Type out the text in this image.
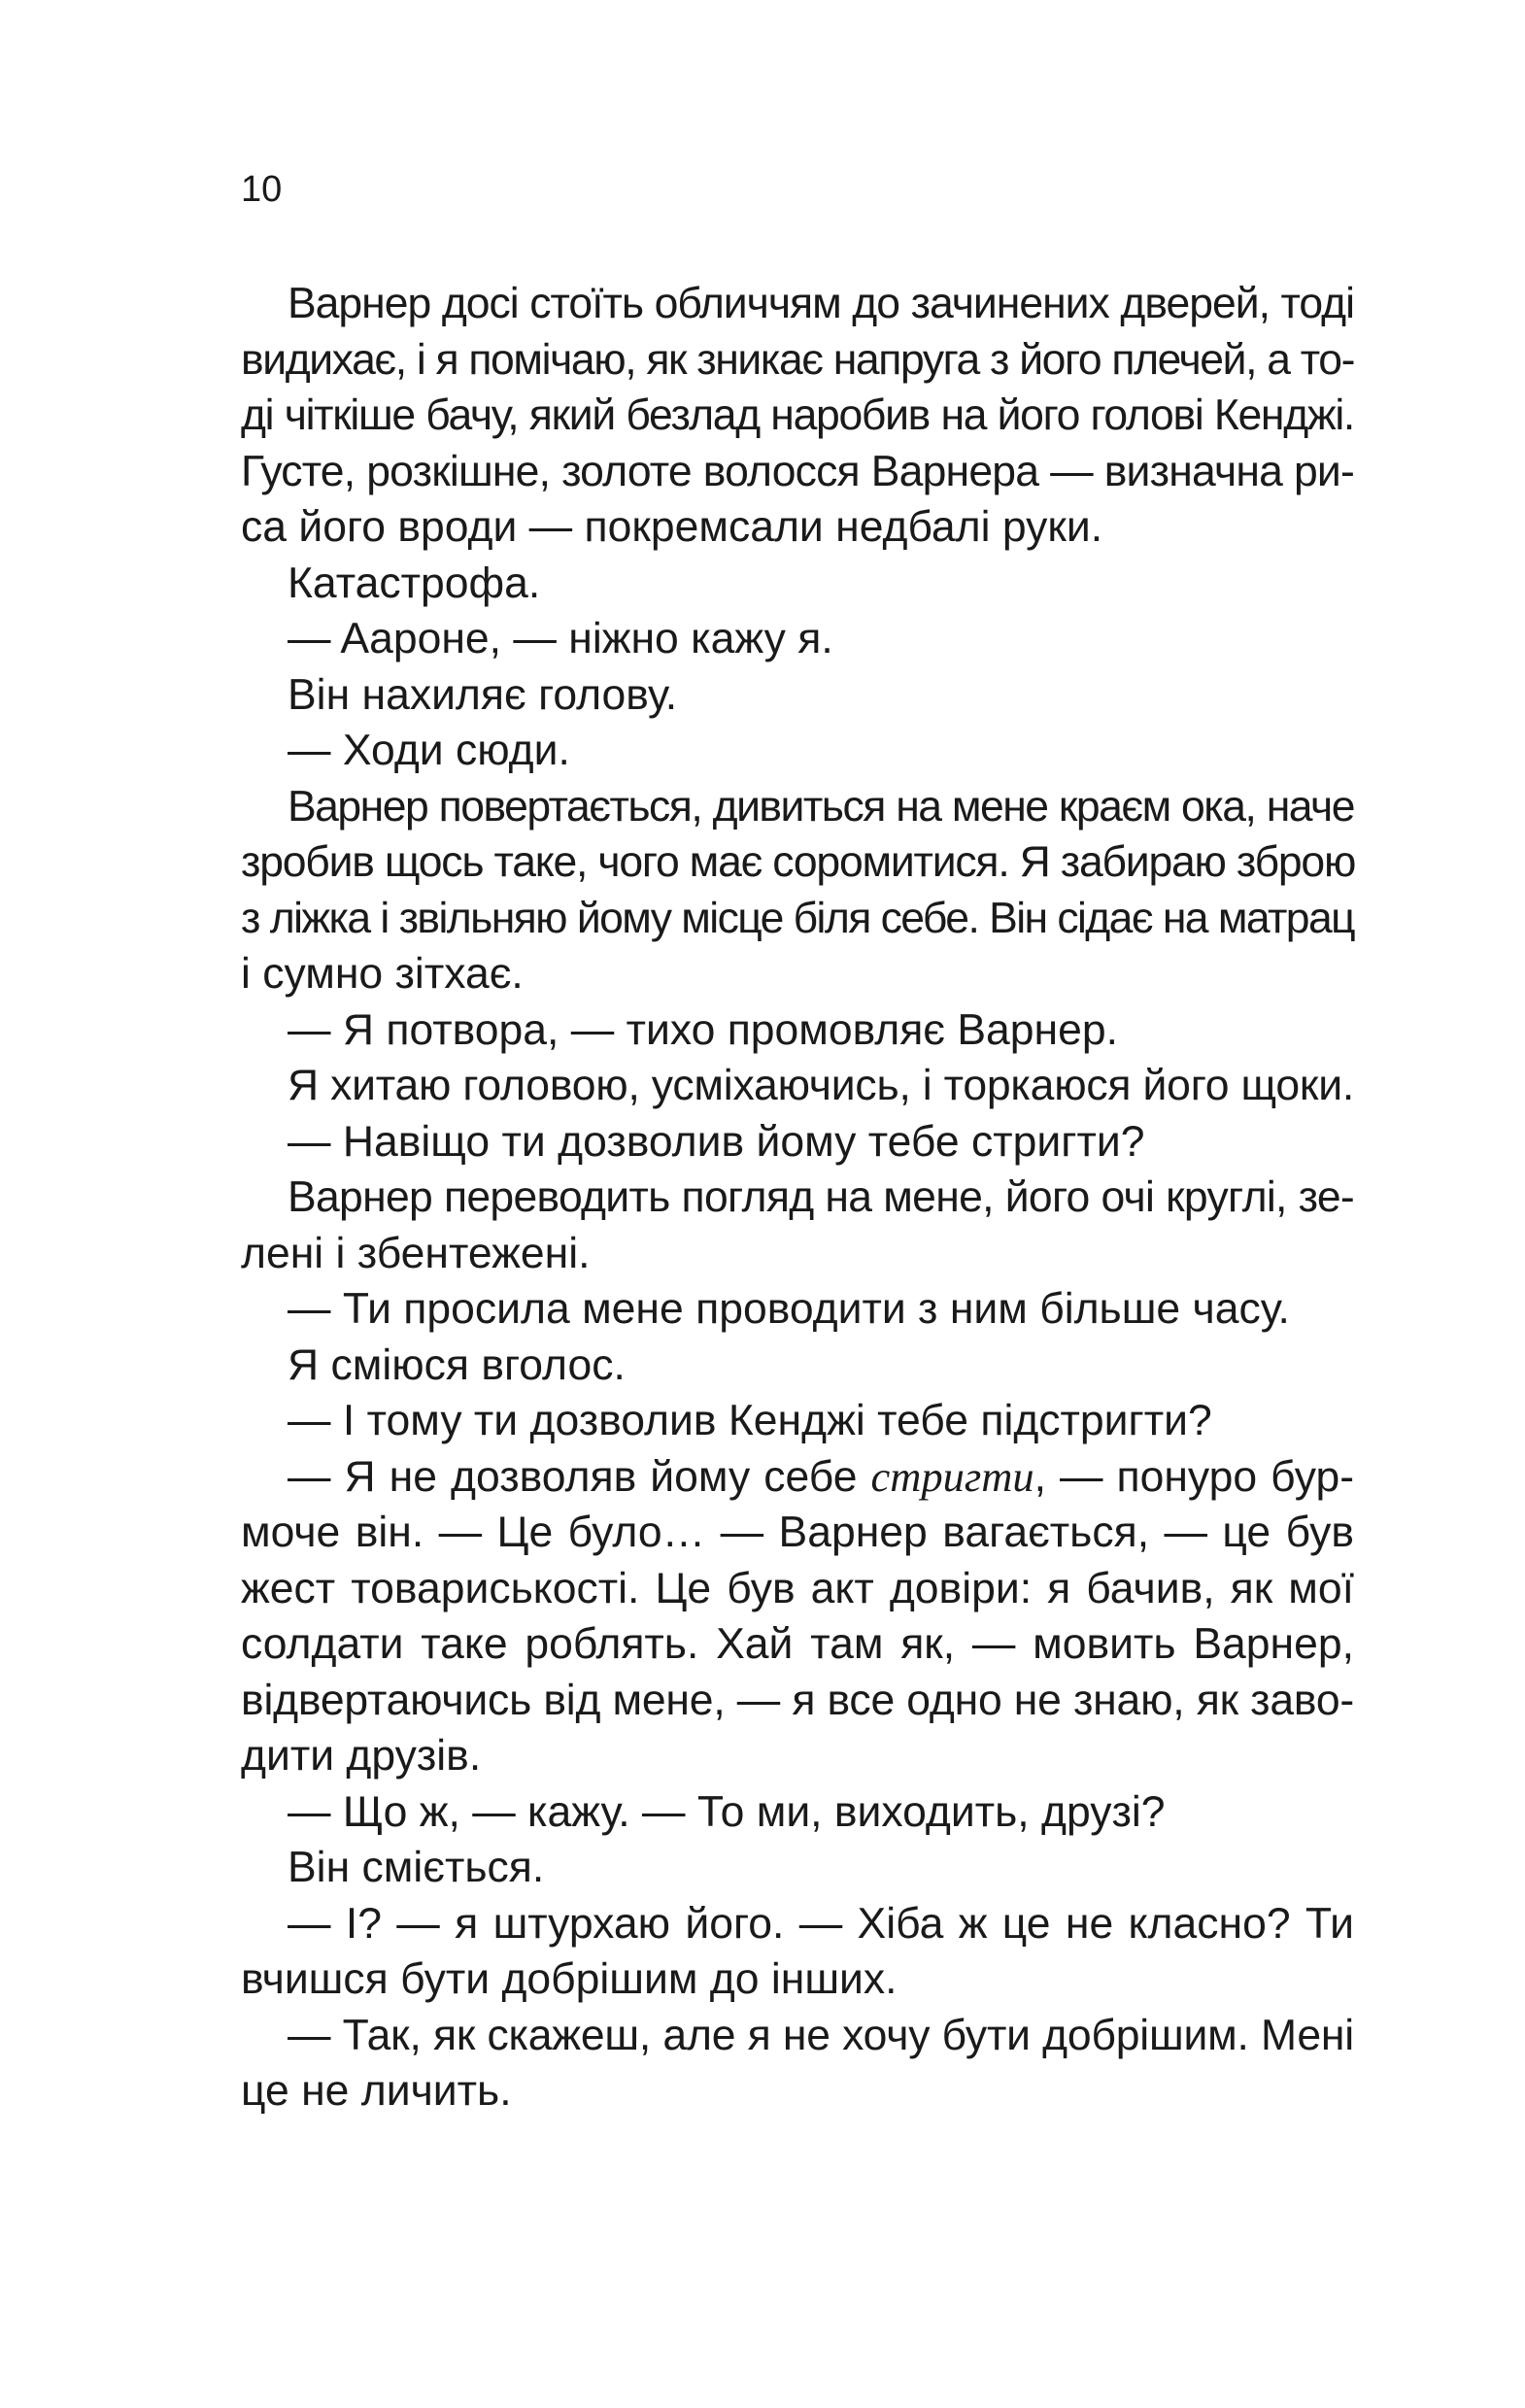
10
Варнер досі стоїть обличчям до зачинених дверей, тоді
видихає, і я помічаю, як зникає напруга з його плечей, а то-
ді чіткіше бачу, який безлад наробив на його голові Кенджі.
Густе, розкішне, золоте волосся Варнера — визначна ри-
са його вроди — покремсали недбалі руки.
Катастрофа.
— Aароне, — ніжно кажу я.
Він нахиляє голову.
— Ходи сюди.
Варнер повертається, дивиться на мене краєм ока, наче
зробив щось таке, чого має соромитися. Я забираю зброю
з ліжка і звільняю йому місце біля себе. Він сідає на матрац
і сумно зітхає.
— Я потвора, — тихо промовляє Варнер.
Я хитаю головою, усміхаючись, і торкаюся його щоки.
— Навіщо ти дозволив йому тебе стригти?
Варнер переводить погляд на мене, його очі круглі, зе-
лені і збентежені.
— Ти просила мене проводити з ним більше часу.
Я сміюся вголос.
— І тому ти дозволив Кенджі тебе підстригти?
— Я не дозволяв йому себе стригти, — понуро бур-
моче він. — Це було… — Варнер вагається, — це був
жест товариськості. Це був акт довіри: я бачив, як мої
солдати таке роблять. Хай там як, — мовить Варнер,
відвертаючись від мене, — я все одно не знаю, як заво-
дити друзів.
— Що ж, — кажу. — То ми, виходить, друзі?
Він сміється.
— І? — я штурхаю його. — Хіба ж це не класно? Ти
вчишся бути добрішим до інших.
— Так, як скажеш, але я не хочу бути добрішим. Мені
це не личить.
